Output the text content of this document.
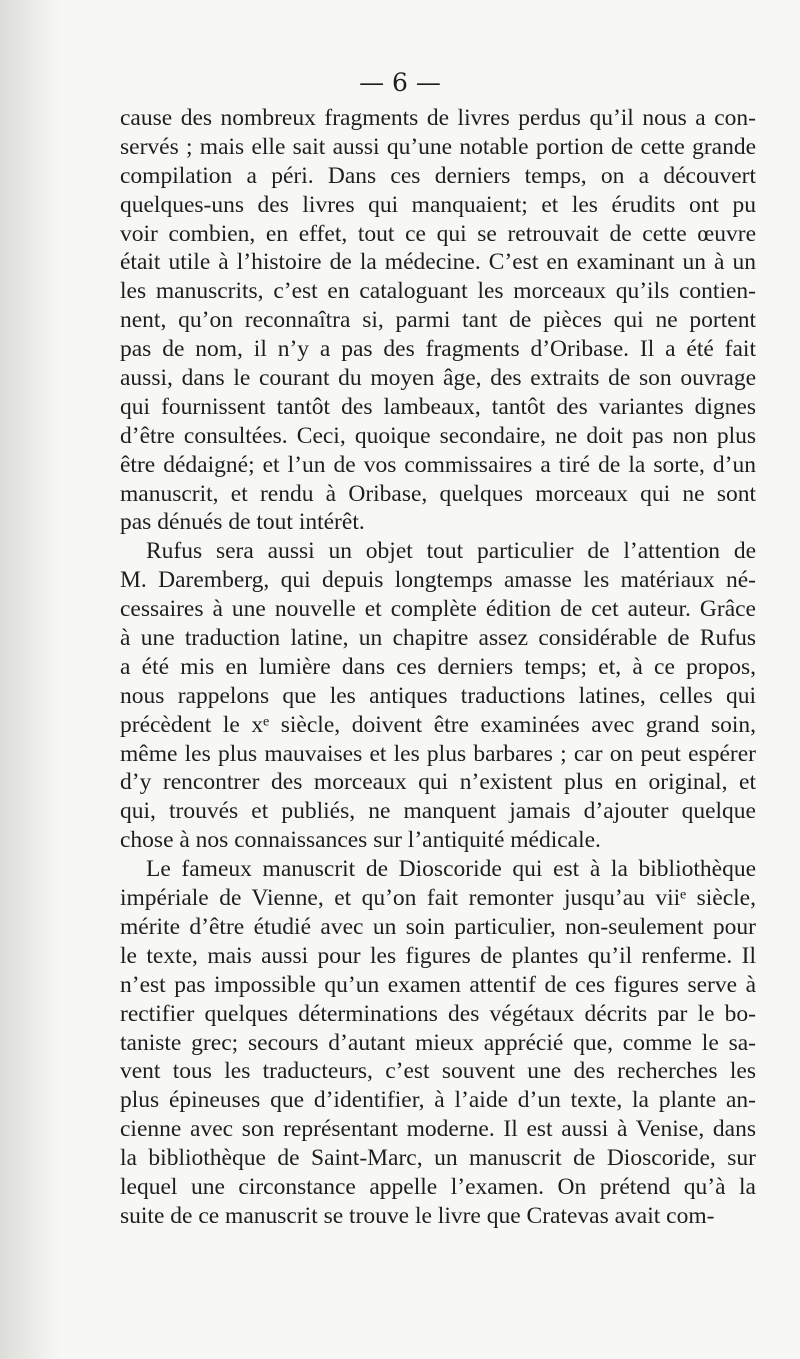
— 6 —
cause des nombreux fragments de livres perdus qu’il nous a con-
servés ; mais elle sait aussi qu’une notable portion de cette grande
compilation a péri. Dans ces derniers temps, on a découvert
quelques-uns des livres qui manquaient; et les érudits ont pu
voir combien, en effet, tout ce qui se retrouvait de cette œuvre
était utile à l’histoire de la médecine. C’est en examinant un à un
les manuscrits, c’est en cataloguant les morceaux qu’ils contien-
nent, qu’on reconnaîtra si, parmi tant de pièces qui ne portent
pas de nom, il n’y a pas des fragments d’Oribase. Il a été fait
aussi, dans le courant du moyen âge, des extraits de son ouvrage
qui fournissent tantôt des lambeaux, tantôt des variantes dignes
d’être consultées. Ceci, quoique secondaire, ne doit pas non plus
être dédaigné; et l’un de vos commissaires a tiré de la sorte, d’un
manuscrit, et rendu à Oribase, quelques morceaux qui ne sont
pas dénués de tout intérêt.
Rufus sera aussi un objet tout particulier de l’attention de
M. Daremberg, qui depuis longtemps amasse les matériaux né-
cessaires à une nouvelle et complète édition de cet auteur. Grâce
à une traduction latine, un chapitre assez considérable de Rufus
a été mis en lumière dans ces derniers temps; et, à ce propos,
nous rappelons que les antiques traductions latines, celles qui
précèdent le xᵉ siècle, doivent être examinées avec grand soin,
même les plus mauvaises et les plus barbares ; car on peut espérer
d’y rencontrer des morceaux qui n’existent plus en original, et
qui, trouvés et publiés, ne manquent jamais d’ajouter quelque
chose à nos connaissances sur l’antiquité médicale.
Le fameux manuscrit de Dioscoride qui est à la bibliothèque
impériale de Vienne, et qu’on fait remonter jusqu’au viiᵉ siècle,
mérite d’être étudié avec un soin particulier, non-seulement pour
le texte, mais aussi pour les figures de plantes qu’il renferme. Il
n’est pas impossible qu’un examen attentif de ces figures serve à
rectifier quelques déterminations des végétaux décrits par le bo-
taniste grec; secours d’autant mieux apprécié que, comme le sa-
vent tous les traducteurs, c’est souvent une des recherches les
plus épineuses que d’identifier, à l’aide d’un texte, la plante an-
cienne avec son représentant moderne. Il est aussi à Venise, dans
la bibliothèque de Saint-Marc, un manuscrit de Dioscoride, sur
lequel une circonstance appelle l’examen. On prétend qu’à la
suite de ce manuscrit se trouve le livre que Cratevas avait com-
